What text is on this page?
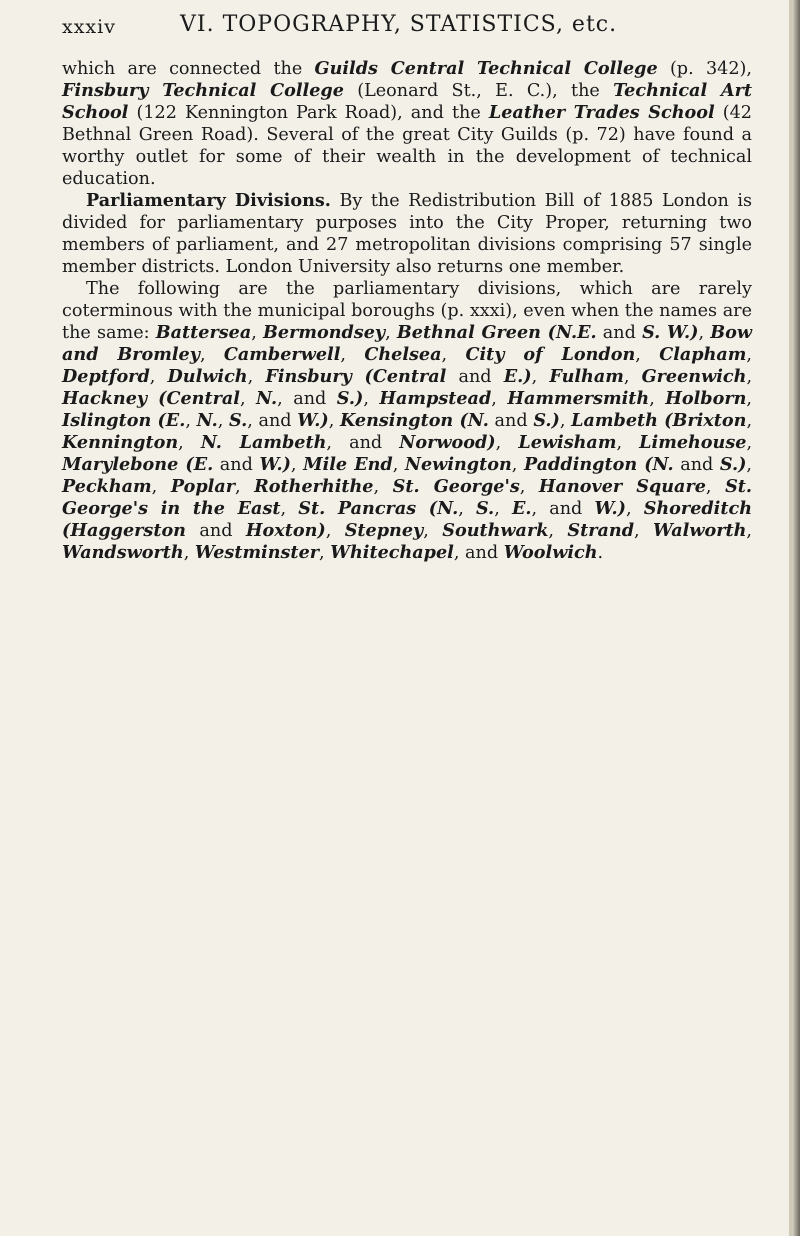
xxxiv	VI. TOPOGRAPHY, STATISTICS, etc.

which are connected the Guilds Central Technical College (p. 342), Finsbury Technical College (Leonard St., E. C.), the Technical Art School (122 Kennington Park Road), and the Leather Trades School (42 Bethnal Green Road). Several of the great City Guilds (p. 72) have found a worthy outlet for some of their wealth in the development of technical education.

Parliamentary Divisions. By the Redistribution Bill of 1885 London is divided for parliamentary purposes into the City Proper, returning two members of parliament, and 27 metropolitan divisions comprising 57 single member districts. London University also returns one member.

The following are the parliamentary divisions, which are rarely coterminous with the municipal boroughs (p. xxxi), even when the names are the same: Battersea, Bermondsey, Bethnal Green (N.E. and S. W.), Bow and Bromley, Camberwell, Chelsea, City of London, Clapham, Deptford, Dulwich, Finsbury (Central and E.), Fulham, Greenwich, Hackney (Central, N., and S.), Hampstead, Hammersmith, Holborn, Islington (E., N., S., and W.), Kensington (N. and S.), Lambeth (Brixton, Kennington, N. Lambeth, and Norwood), Lewisham, Limehouse, Marylebone (E. and W.), Mile End, Newington, Paddington (N. and S.), Peckham, Poplar, Rotherhithe, St. George's, Hanover Square, St. George's in the East, St. Pancras (N., S., E., and W.), Shoreditch (Haggerston and Hoxton), Stepney, Southwark, Strand, Walworth, Wandsworth, Westminster, Whitechapel, and Woolwich.
